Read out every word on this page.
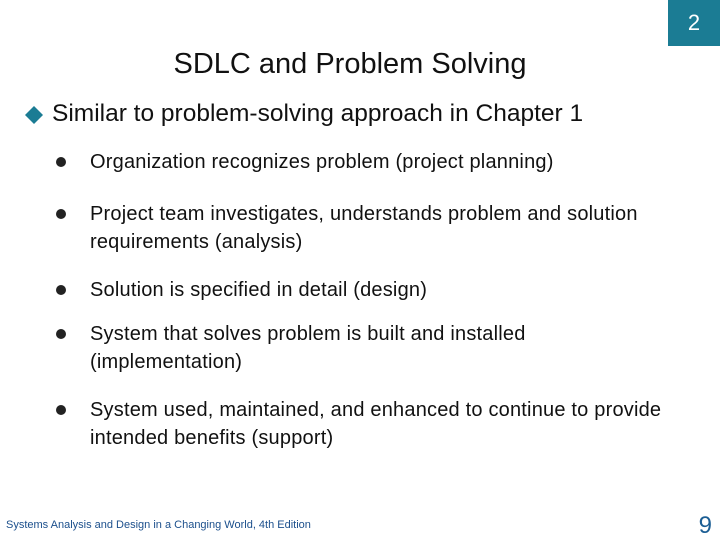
2
SDLC and Problem Solving
Similar to problem-solving approach in Chapter 1
Organization recognizes problem (project planning)
Project team investigates, understands problem and solution requirements (analysis)
Solution is specified in detail (design)
System that solves problem is built and installed (implementation)
System used, maintained, and enhanced to continue to provide intended benefits (support)
Systems Analysis and Design in a Changing World, 4th Edition	9
